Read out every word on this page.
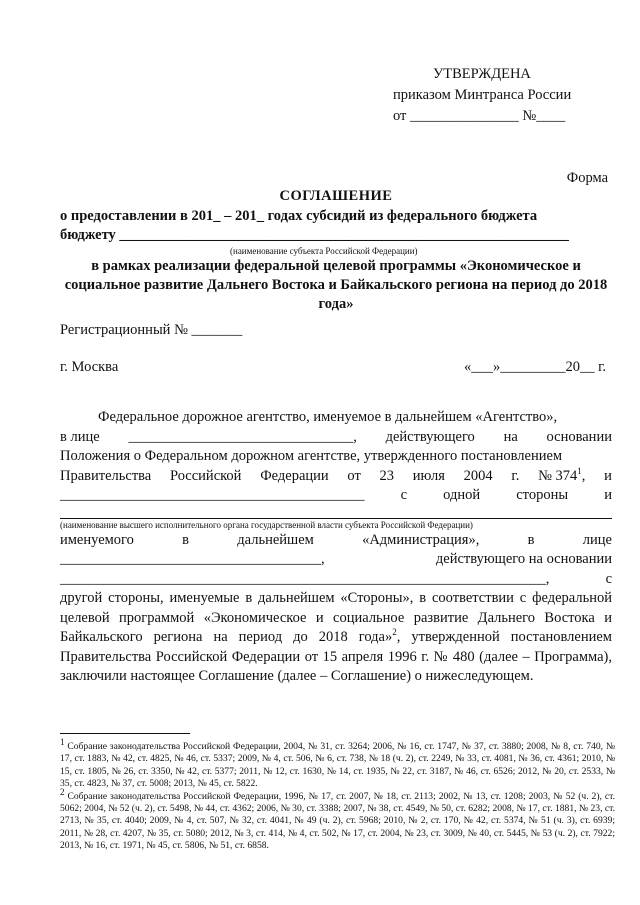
УТВЕРЖДЕНА
приказом Минтранса России
от _______________ №____
Форма
СОГЛАШЕНИЕ
о предоставлении в 201_ – 201_ годах субсидий из федерального бюджета
бюджету ______________________________________________________________
(наименование субъекта Российской Федерации)
в рамках реализации федеральной целевой программы «Экономическое и социальное развитие Дальнего Востока и Байкальского региона на период до 2018 года»
Регистрационный № _______
г. Москва	«___»_________20__ г.
Федеральное дорожное агентство, именуемое в дальнейшем «Агентство»,
в лице _______________________________, действующего на основании
Положения о Федеральном дорожном агентстве, утвержденного постановлением
Правительства Российской Федерации от 23 июля 2004 г. № $374^1$, и
__________________________________________ с одной стороны и
(наименование высшего исполнительного органа государственной власти субъекта Российской Федерации)
именуемого	в	дальнейшем	«Администрация»,	в	лице
____________________________________,	действующего на основании
___________________________________________________________________,	с
другой стороны, именуемые в дальнейшем «Стороны», в соответствии с федеральной целевой программой «Экономическое и социальное развитие Дальнего Востока и Байкальского региона на период до 2018 года»$^2$, утвержденной постановлением Правительства Российской Федерации от 15 апреля 1996 г. № 480 (далее – Программа), заключили настоящее Соглашение (далее – Соглашение) о нижеследующем.

$^1$ Собрание законодательства Российской Федерации, 2004, № 31, ст. 3264; 2006, № 16, ст. 1747, № 37, ст. 3880; 2008, № 8, ст. 740, № 17, ст. 1883, № 42, ст. 4825, № 46, ст. 5337; 2009, № 4, ст. 506, № 6, ст. 738, № 18 (ч. 2), ст. 2249, № 33, ст. 4081, № 36, ст. 4361; 2010, № 15, ст. 1805, № 26, ст. 3350, № 42, ст. 5377; 2011, № 12, ст. 1630, № 14, ст. 1935, № 22, ст. 3187, № 46, ст. 6526; 2012, № 20, ст. 2533, № 35, ст. 4823, № 37, ст. 5008; 2013, № 45, ст. 5822.

$^2$ Собрание законодательства Российской Федерации, 1996, № 17, ст. 2007, № 18, ст. 2113; 2002, № 13, ст. 1208; 2003, № 52 (ч. 2), ст. 5062; 2004, № 52 (ч. 2), ст. 5498, № 44, ст. 4362; 2006, № 30, ст. 3388; 2007, № 38, ст. 4549, № 50, ст. 6282; 2008, № 17, ст. 1881, № 23, ст. 2713, № 35, ст. 4040; 2009, № 4, ст. 507, № 32, ст. 4041, № 49 (ч. 2), ст. 5968; 2010, № 2, ст. 170, № 42, ст. 5374, № 51 (ч. 3), ст. 6939; 2011, № 28, ст. 4207, № 35, ст. 5080; 2012, № 3, ст. 414, № 4, ст. 502, № 17, ст. 2004, № 23, ст. 3009, № 40, ст. 5445, № 53 (ч. 2), ст. 7922; 2013, № 16, ст. 1971, № 45, ст. 5806, № 51, ст. 6858.
